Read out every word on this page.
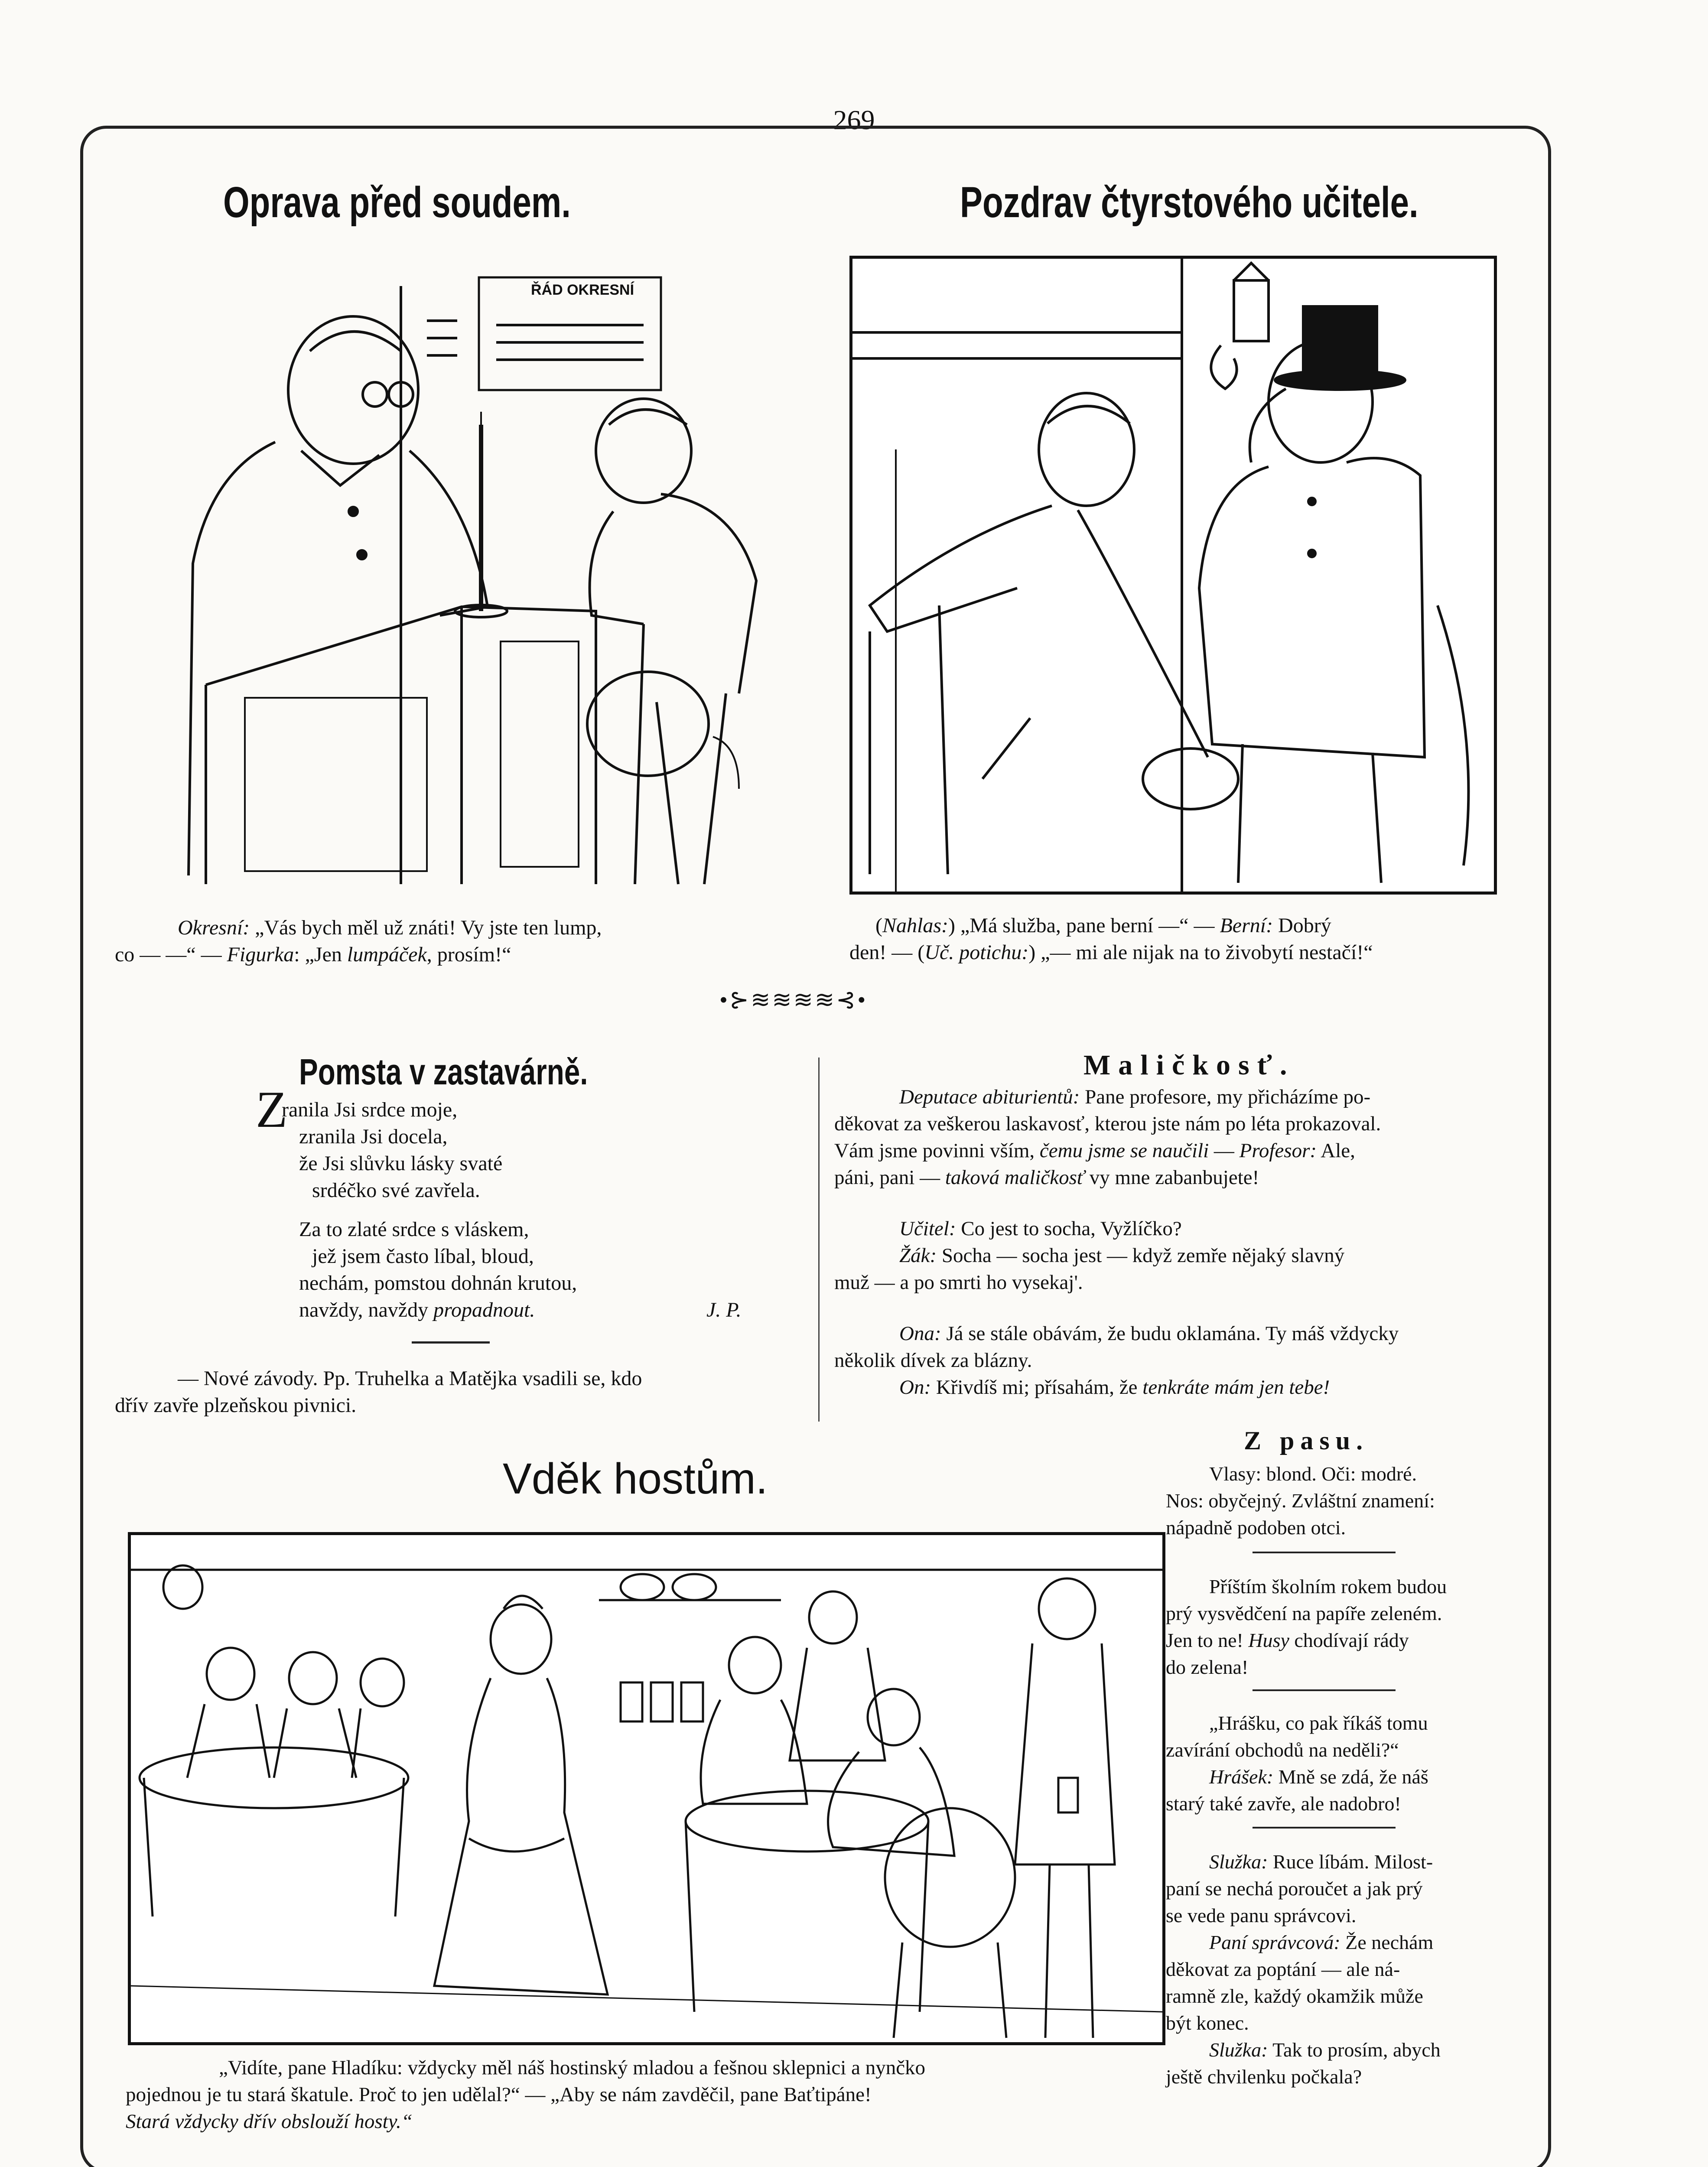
269
Oprava před soudem.
ŘÁD OKRESNÍ
Okresní: „Vás bych měl už znáti! Vy jste ten lump,
co — —“ — Figurka: „Jen lumpáček, prosím!“
Pozdrav čtyrstového učitele.
(Nahlas:) „Má služba, pane berní —“ — Berní: Dobrý
den! — (Uč. potichu:) „— mi ale nijak na to živobytí nestačí!“
•⊱≋≋≋≋⊰•
Pomsta v zastavárně.
Z
ranila Jsi srdce moje,
zranila Jsi docela,
že Jsi slůvku lásky svaté
srdéčko své zavřela.
Za to zlaté srdce s vláskem,
jež jsem často líbal, bloud,
nechám, pomstou dohnán krutou,
navždy, navždy propadnout.	J. P.
— Nové závody. Pp. Truhelka a Matějka vsadili se, kdo
dřív zavře plzeňskou pivnici.
Maličkosť.
Deputace abiturientů: Pane profesore, my přicházíme po-
děkovat za veškerou laskavosť, kterou jste nám po léta prokazoval.
Vám jsme povinni vším, čemu jsme se naučili — Profesor: Ale,
páni, pani — taková maličkosť vy mne zabanbujete!
Učitel: Co jest to socha, Vyžlíčko?
Žák: Socha — socha jest — když zemře nějaký slavný
muž — a po smrti ho vysekaj'.
Ona: Já se stále obávám, že budu oklamána. Ty máš vždycky
několik dívek za blázny.
On: Křivdíš mi; přísahám, že tenkráte mám jen tebe!
Vděk hostům.
„Vidíte, pane Hladíku: vždycky měl náš hostinský mladou a fešnou sklepnici a nynčko
pojednou je tu stará škatule. Proč to jen udělal?“ — „Aby se nám zavděčil, pane Baťtipáne!
Stará vždycky dřív obslouží hosty.“
Z pasu.
Vlasy: blond. Oči: modré.
Nos: obyčejný. Zvláštní znamení:
nápadně podoben otci.
Příštím školním rokem budou
prý vysvědčení na papíře zeleném.
Jen to ne! Husy chodívají rády
do zelena!
„Hrášku, co pak říkáš tomu
zavírání obchodů na neděli?“
Hrášek: Mně se zdá, že náš
starý také zavře, ale nadobro!
Služka: Ruce líbám. Milost-
paní se nechá poroučet a jak prý
se vede panu správcovi.
Paní správcová: Že nechám
děkovat za poptání — ale ná-
ramně zle, každý okamžik může
být konec.
Služka: Tak to prosím, abych
ještě chvilenku počkala?
